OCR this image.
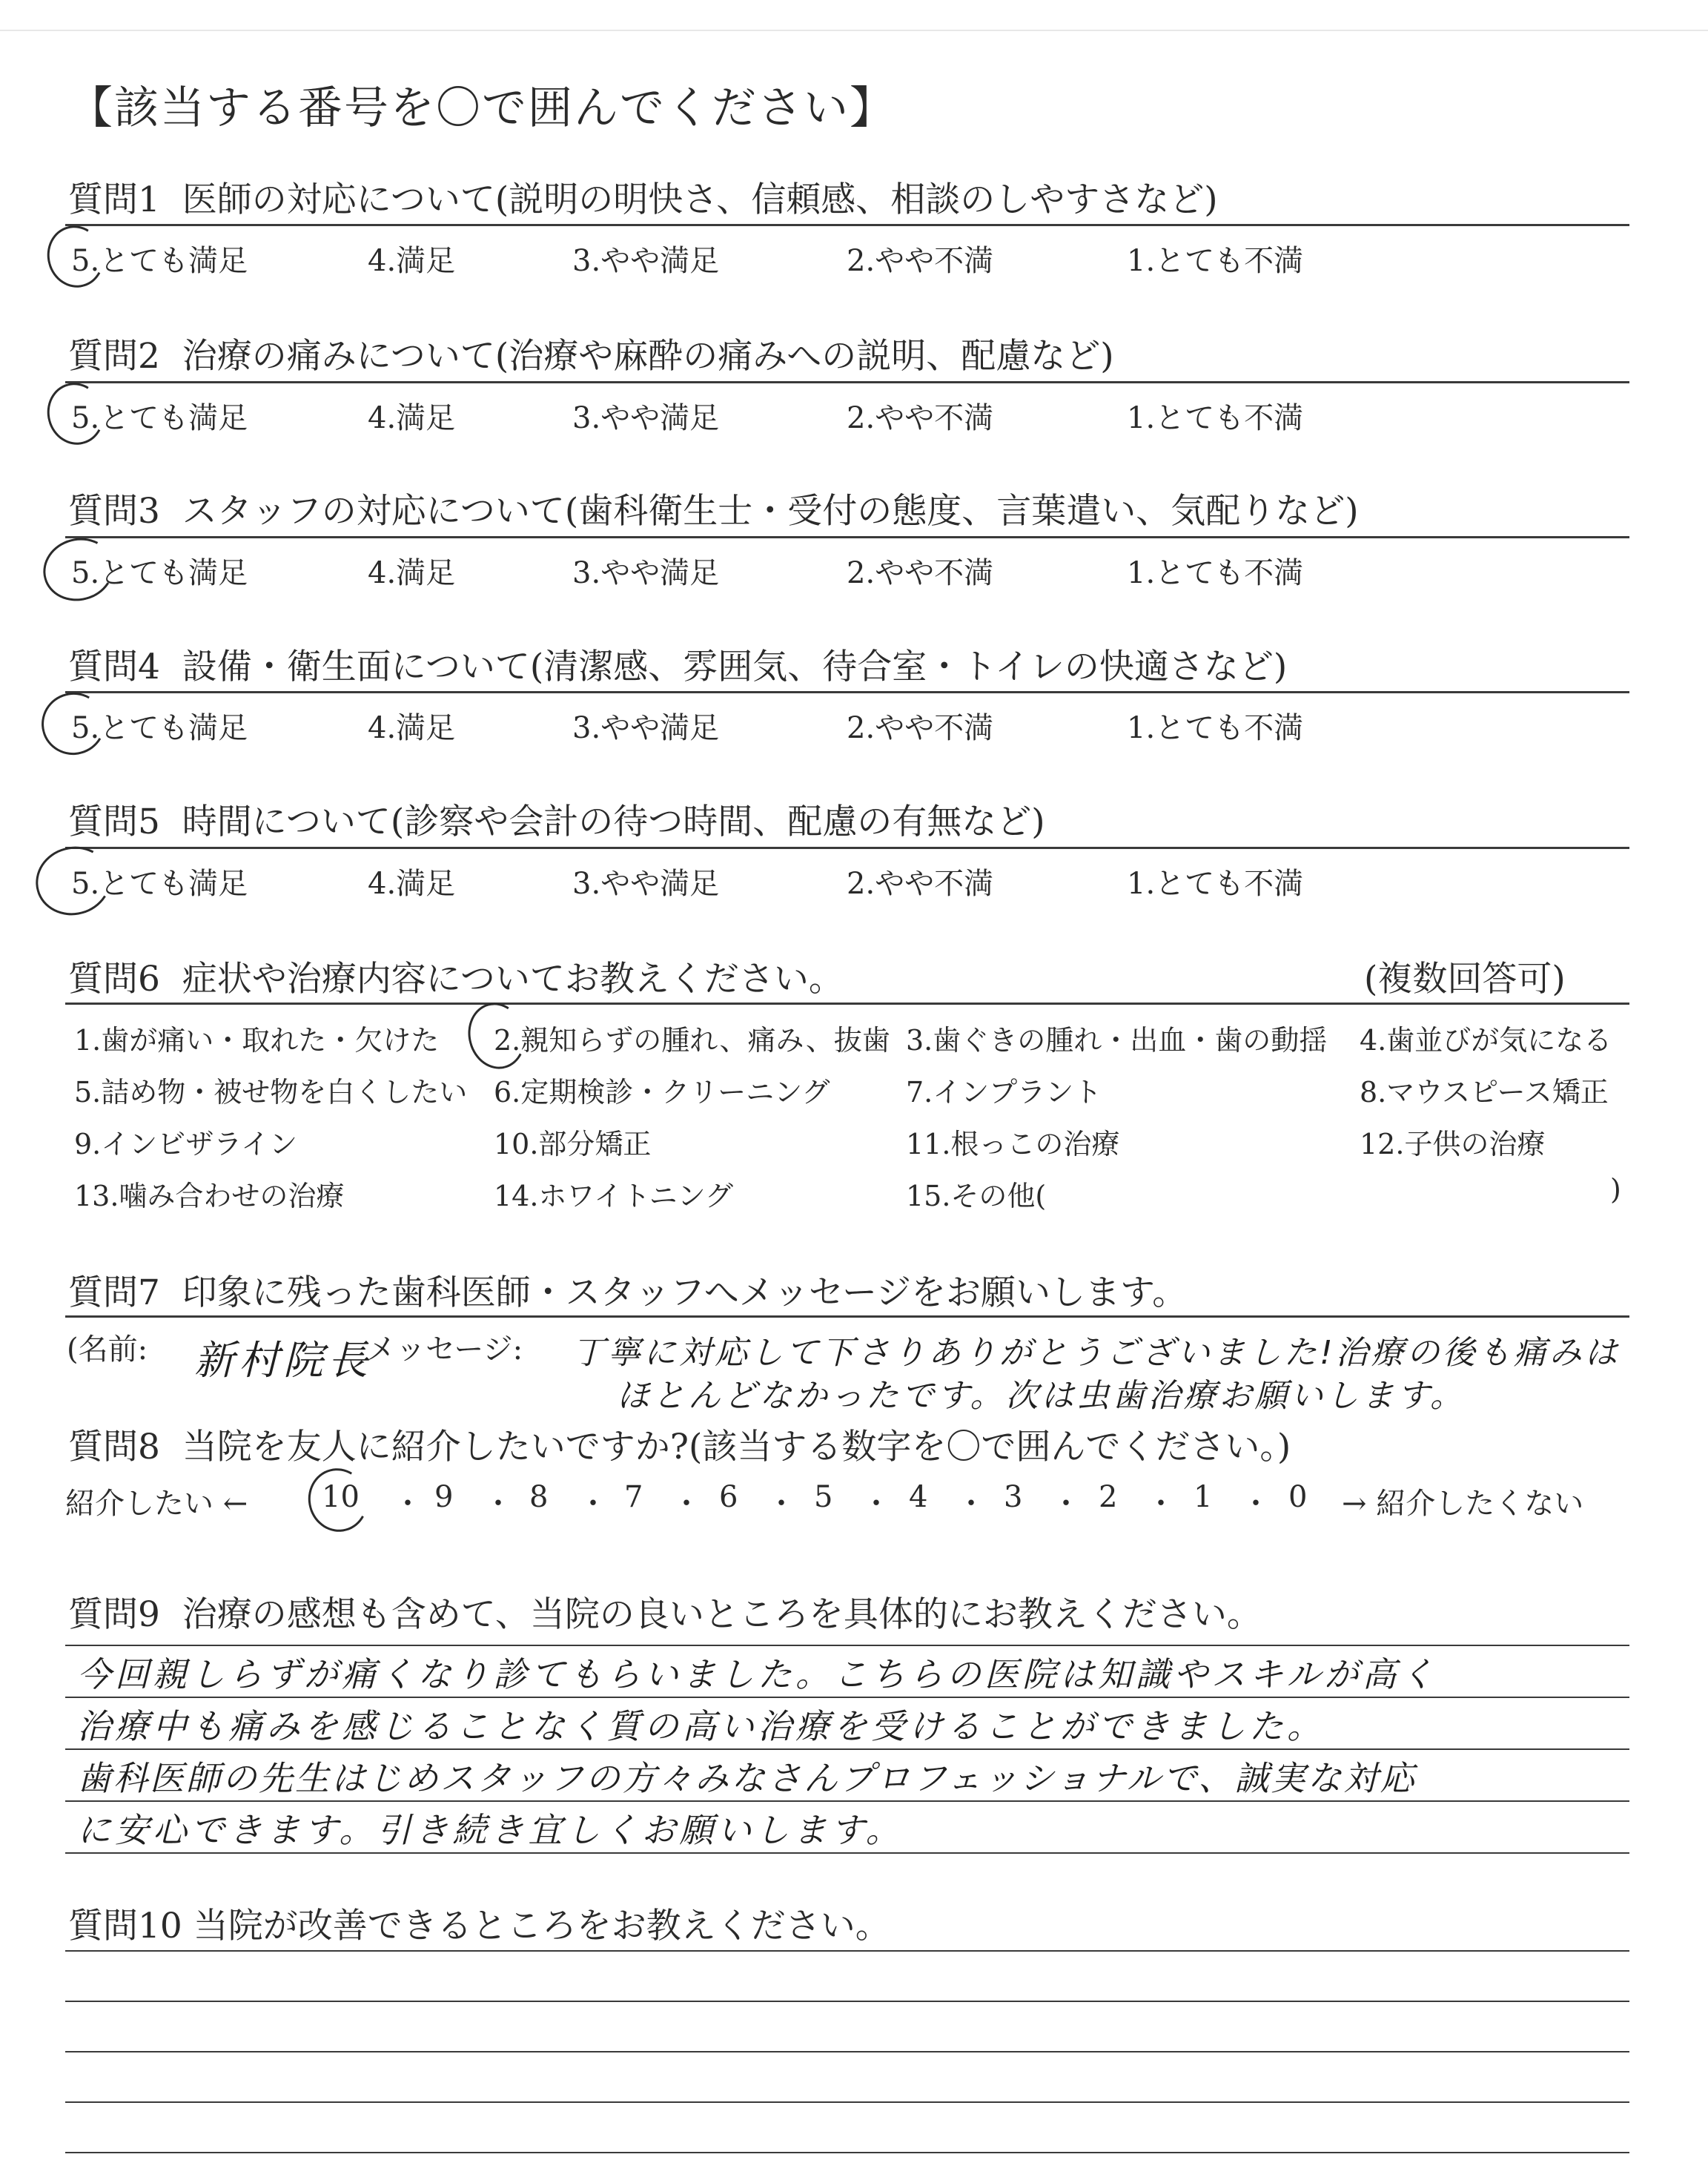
【該当する番号を〇で囲んでください】
質問1 医師の対応について(説明の明快さ、信頼感、相談のしやすさなど)
5.とても満足	4.満足	3.やや満足	2.やや不満	1.とても不満
質問2 治療の痛みについて(治療や麻酔の痛みへの説明、配慮など)
5.とても満足	4.満足	3.やや満足	2.やや不満	1.とても不満
質問3 スタッフの対応について(歯科衛生士・受付の態度、言葉遣い、気配りなど)
5.とても満足	4.満足	3.やや満足	2.やや不満	1.とても不満
質問4 設備・衛生面について(清潔感、雰囲気、待合室・トイレの快適さなど)
5.とても満足	4.満足	3.やや満足	2.やや不満	1.とても不満
質問5 時間について(診察や会計の待つ時間、配慮の有無など)
5.とても満足	4.満足	3.やや満足	2.やや不満	1.とても不満
質問6 症状や治療内容についてお教えください。	(複数回答可)
1.歯が痛い・取れた・欠けた 2.親知らずの腫れ、痛み、抜歯 3.歯ぐきの腫れ・出血・歯の動揺 4.歯並びが気になる
5.詰め物・被せ物を白くしたい 6.定期検診・クリーニング	7.インプラント	8.マウスピース矯正
9.インビザライン	10.部分矯正	11.根っこの治療	12.子供の治療
13.噛み合わせの治療	14.ホワイトニング	15.その他(	)
質問7 印象に残った歯科医師・スタッフへメッセージをお願いします。
(名前: 新村院長
メッセージ: 丁寧に対応して下さりありがとうございました!治療の後も痛みは
ほとんどなかったです。次は虫歯治療お願いします。
質問8 当院を友人に紹介したいですか?(該当する数字を〇で囲んでください。)
紹介したい ←	→ 紹介したくない
10 ・ 9 ・ 8 ・ 7 ・ 6 ・ 5 ・ 4 ・ 3 ・ 2 ・ 1 ・ 0
質問9 治療の感想も含めて、当院の良いところを具体的にお教えください。
今回親しらずが痛くなり診てもらいました。こちらの医院は知識やスキルが高く
治療中も痛みを感じることなく質の高い治療を受けることができました。
歯科医師の先生はじめスタッフの方々みなさんプロフェッショナルで、誠実な対応
に安心できます。引き続き宜しくお願いします。
質問10 当院が改善できるところをお教えください。
